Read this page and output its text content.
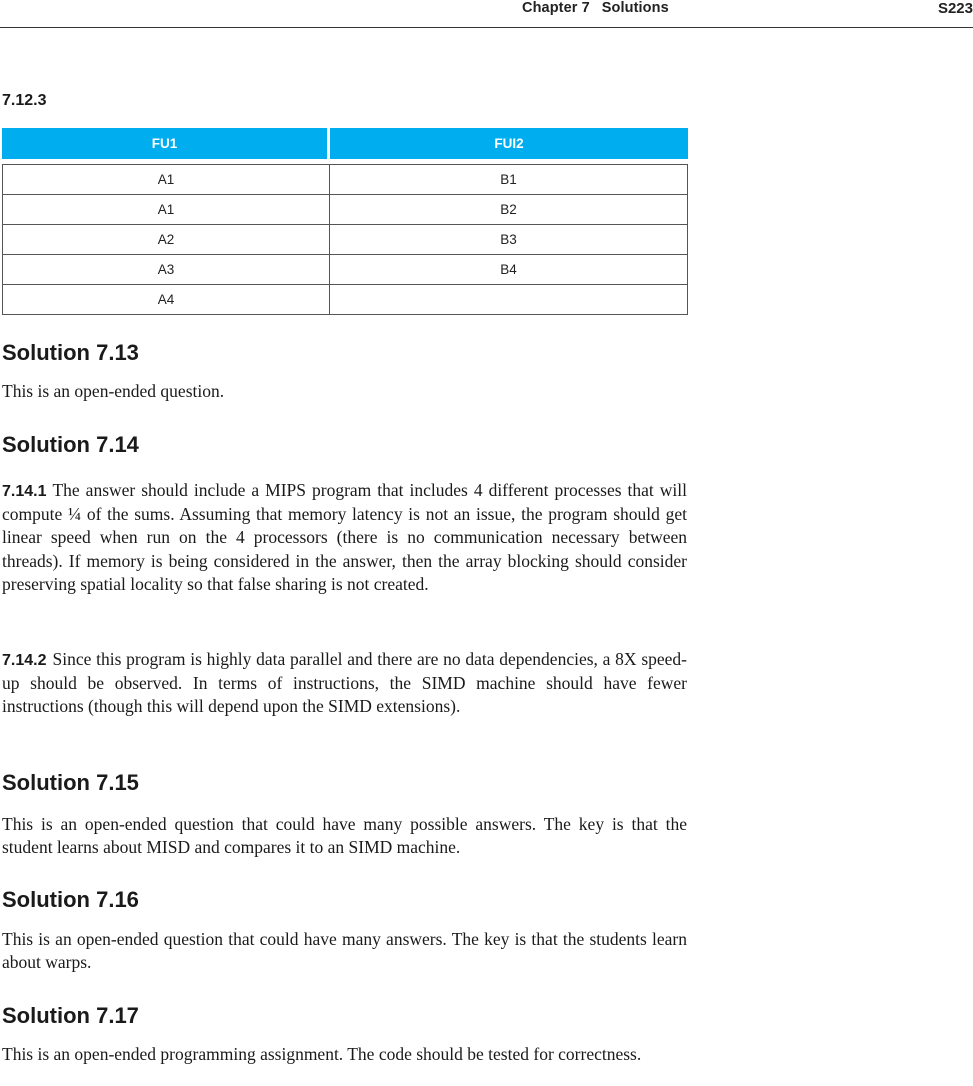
Chapter 7 Solutions	S223
7.12.3
FU1	FUI2

A1	B1
A1	B2
A2	B3
A3	B4
A4	
Solution 7.13

This is an open-ended question.

Solution 7.14

7.14.1 The answer should include a MIPS program that includes 4 different processes that will compute ¼ of the sums. Assuming that memory latency is not an issue, the program should get linear speed when run on the 4 processors (there is no communication necessary between threads). If memory is being considered in the answer, then the array blocking should consider preserving spatial locality so that false sharing is not created.

7.14.2 Since this program is highly data parallel and there are no data dependencies, a 8X speed-up should be observed. In terms of instructions, the SIMD machine should have fewer instructions (though this will depend upon the SIMD extensions).

Solution 7.15

This is an open-ended question that could have many possible answers. The key is that the student learns about MISD and compares it to an SIMD machine.

Solution 7.16

This is an open-ended question that could have many answers. The key is that the students learn about warps.

Solution 7.17

This is an open-ended programming assignment. The code should be tested for correctness.
